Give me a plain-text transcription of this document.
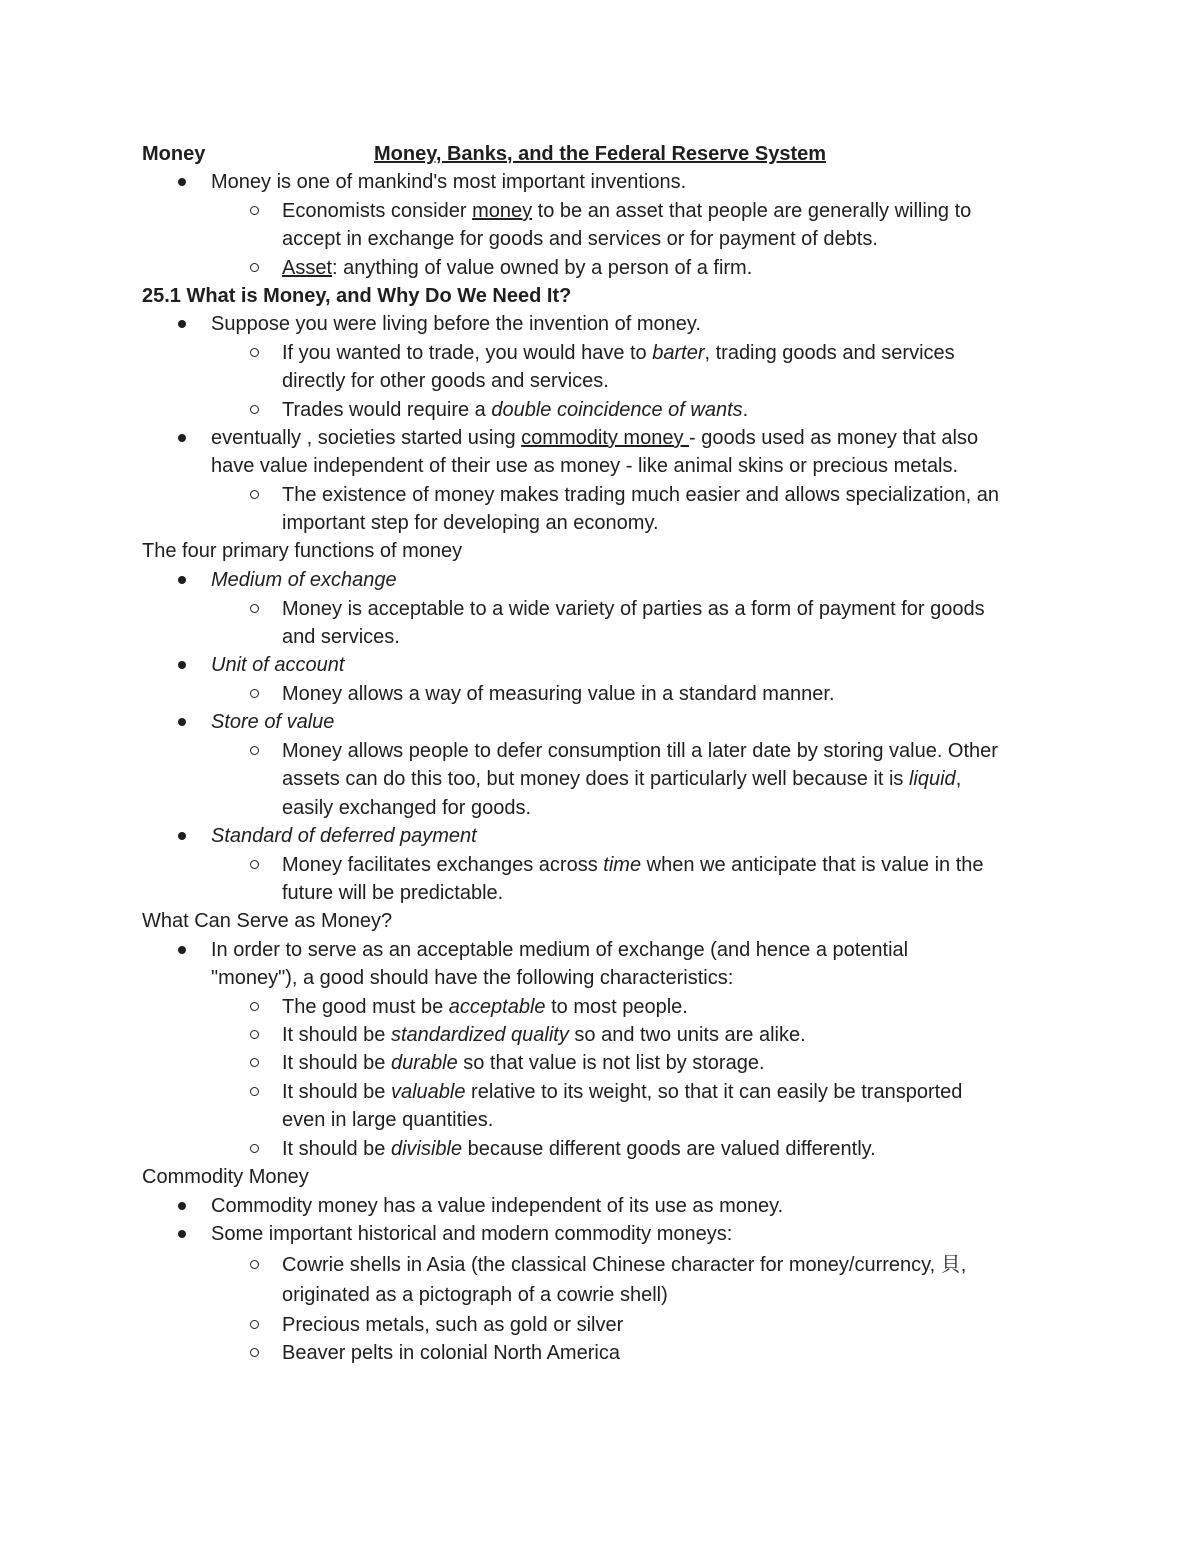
Money, Banks, and the Federal Reserve System
Money
Money is one of mankind's most important inventions.
Economists consider money to be an asset that people are generally willing to
accept in exchange for goods and services or for payment of debts.
Asset: anything of value owned by a person of a firm.
25.1 What is Money, and Why Do We Need It?
Suppose you were living before the invention of money.
If you wanted to trade, you would have to barter, trading goods and services
directly for other goods and services.
Trades would require a double coincidence of wants.
eventually , societies started using commodity money - goods used as money that also
have value independent of their use as money - like animal skins or precious metals.
The existence of money makes trading much easier and allows specialization, an
important step for developing an economy.
The four primary functions of money
Medium of exchange
Money is acceptable to a wide variety of parties as a form of payment for goods
and services.
Unit of account
Money allows a way of measuring value in a standard manner.
Store of value
Money allows people to defer consumption till a later date by storing value. Other
assets can do this too, but money does it particularly well because it is liquid,
easily exchanged for goods.
Standard of deferred payment
Money facilitates exchanges across time when we anticipate that is value in the
future will be predictable.
What Can Serve as Money?
In order to serve as an acceptable medium of exchange (and hence a potential
"money"), a good should have the following characteristics:
The good must be acceptable to most people.
It should be standardized quality so and two units are alike.
It should be durable so that value is not list by storage.
It should be valuable relative to its weight, so that it can easily be transported
even in large quantities.
It should be divisible because different goods are valued differently.
Commodity Money
Commodity money has a value independent of its use as money.
Some important historical and modern commodity moneys:
Cowrie shells in Asia (the classical Chinese character for money/currency, 貝,
originated as a pictograph of a cowrie shell)
Precious metals, such as gold or silver
Beaver pelts in colonial North America
